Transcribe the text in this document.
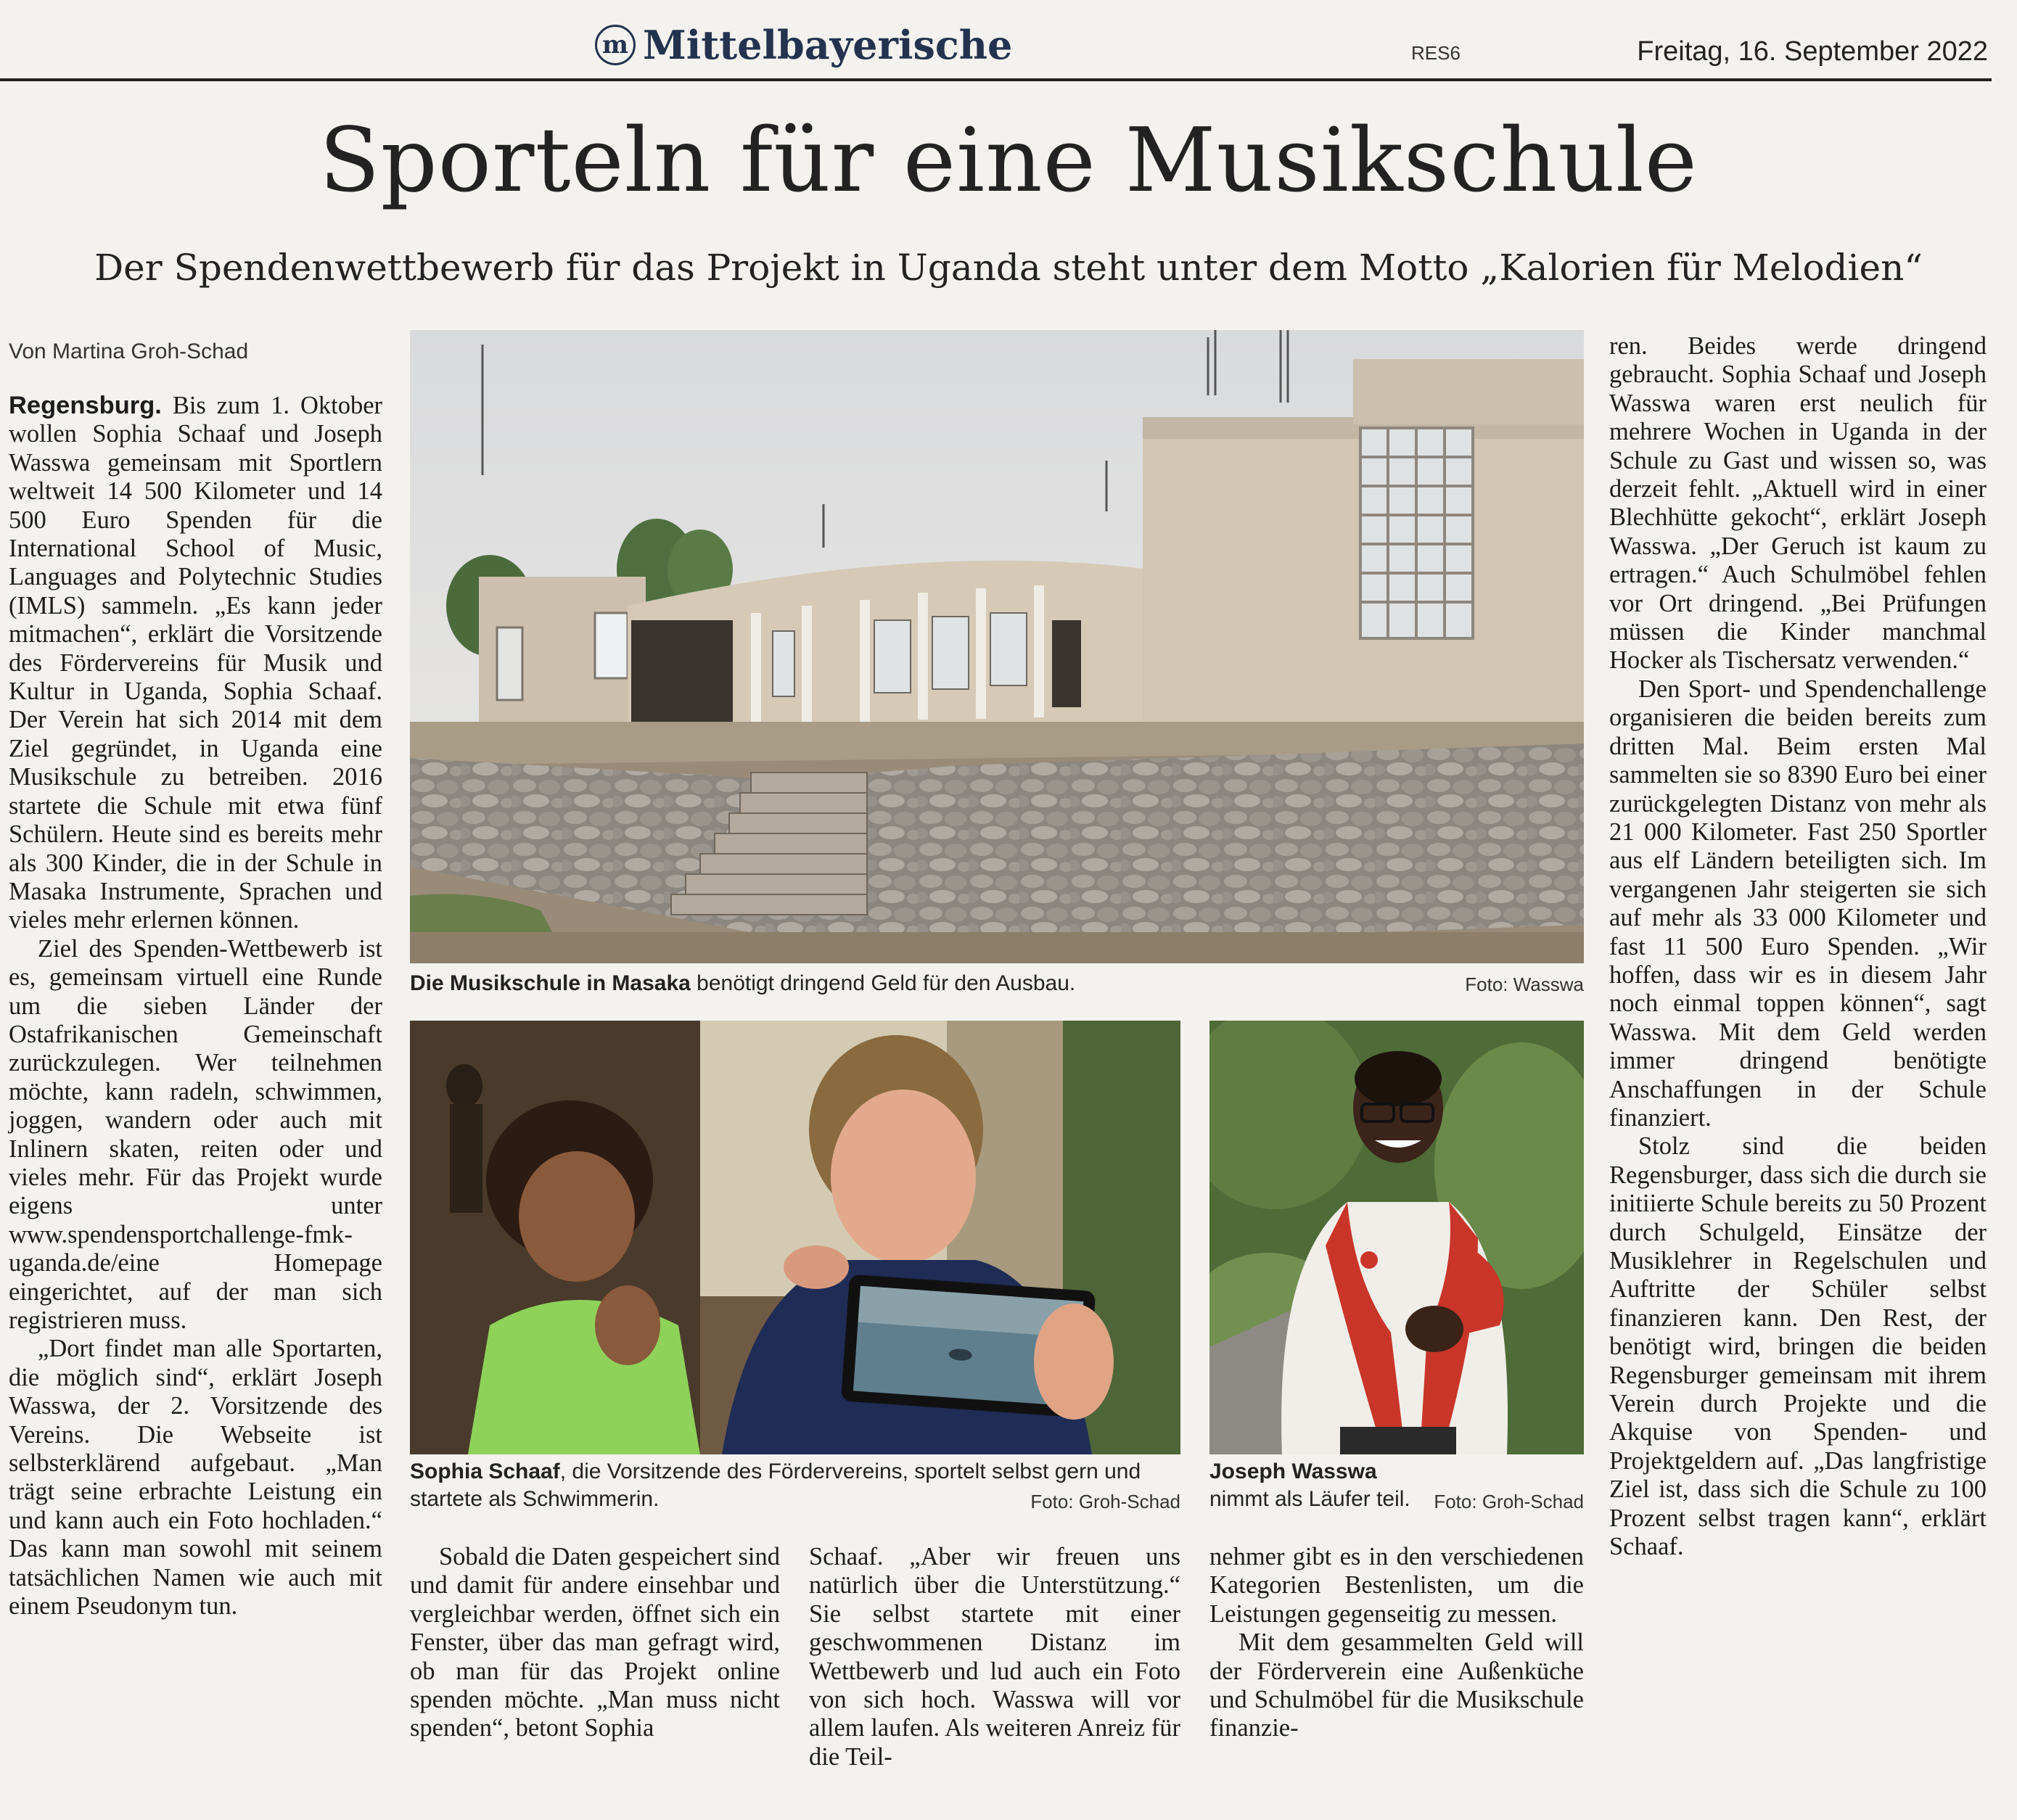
m Mittelbayerische	RES6	Freitag, 16. September 2022
Sporteln für eine Musikschule
Der Spendenwettbewerb für das Projekt in Uganda steht unter dem Motto „Kalorien für Melodien“
Von Martina Groh-Schad

Regensburg. Bis zum 1. Oktober wollen Sophia Schaaf und Joseph Wasswa gemeinsam mit Sportlern weltweit 14 500 Kilometer und 14 500 Euro Spenden für die International School of Music, Languages and Polytechnic Studies (IMLS) sammeln. „Es kann jeder mitmachen“, erklärt die Vorsitzende des Fördervereins für Musik und Kultur in Uganda, Sophia Schaaf. Der Verein hat sich 2014 mit dem Ziel gegründet, in Uganda eine Musikschule zu betreiben. 2016 startete die Schule mit etwa fünf Schülern. Heute sind es bereits mehr als 300 Kinder, die in der Schule in Masaka Instrumente, Sprachen und vieles mehr erlernen können.

Ziel des Spenden-Wettbewerb ist es, gemeinsam virtuell eine Runde um die sieben Länder der Ostafrikanischen Gemeinschaft zurückzulegen. Wer teilnehmen möchte, kann radeln, schwimmen, joggen, wandern oder auch mit Inlinern skaten, reiten oder und vieles mehr. Für das Projekt wurde eigens unter www.spendensportchallenge-fmk-uganda.de/eine Homepage eingerichtet, auf der man sich registrieren muss.

„Dort findet man alle Sportarten, die möglich sind“, erklärt Joseph Wasswa, der 2. Vorsitzende des Vereins. Die Webseite ist selbsterklärend aufgebaut. „Man trägt seine erbrachte Leistung ein und kann auch ein Foto hochladen.“ Das kann man sowohl mit seinem tatsächlichen Namen wie auch mit einem Pseudonym tun.

Die Musikschule in Masaka benötigt dringend Geld für den Ausbau.	Foto: Wasswa
Sophia Schaaf, die Vorsitzende des Fördervereins, sportelt selbst gern und startete als Schwimmerin.	Foto: Groh-Schad
Joseph Wasswa nimmt als Läufer teil.	Foto: Groh-Schad

Sobald die Daten gespeichert sind und damit für andere einsehbar und vergleichbar werden, öffnet sich ein Fenster, über das man gefragt wird, ob man für das Projekt online spenden möchte. „Man muss nicht spenden“, betont Sophia

Schaaf. „Aber wir freuen uns natürlich über die Unterstützung.“ Sie selbst startete mit einer geschwommenen Distanz im Wettbewerb und lud auch ein Foto von sich hoch. Wasswa will vor allem laufen. Als weiteren Anreiz für die Teil-

nehmer gibt es in den verschiedenen Kategorien Bestenlisten, um die Leistungen gegenseitig zu messen.

Mit dem gesammelten Geld will der Förderverein eine Außenküche und Schulmöbel für die Musikschule finanzie-

ren. Beides werde dringend gebraucht. Sophia Schaaf und Joseph Wasswa waren erst neulich für mehrere Wochen in Uganda in der Schule zu Gast und wissen so, was derzeit fehlt. „Aktuell wird in einer Blechhütte gekocht“, erklärt Joseph Wasswa. „Der Geruch ist kaum zu ertragen.“ Auch Schulmöbel fehlen vor Ort dringend. „Bei Prüfungen müssen die Kinder manchmal Hocker als Tischersatz verwenden.“

Den Sport- und Spendenchallenge organisieren die beiden bereits zum dritten Mal. Beim ersten Mal sammelten sie so 8390 Euro bei einer zurückgelegten Distanz von mehr als 21 000 Kilometer. Fast 250 Sportler aus elf Ländern beteiligten sich. Im vergangenen Jahr steigerten sie sich auf mehr als 33 000 Kilometer und fast 11 500 Euro Spenden. „Wir hoffen, dass wir es in diesem Jahr noch einmal toppen können“, sagt Wasswa. Mit dem Geld werden immer dringend benötigte Anschaffungen in der Schule finanziert.

Stolz sind die beiden Regensburger, dass sich die durch sie initiierte Schule bereits zu 50 Prozent durch Schulgeld, Einsätze der Musiklehrer in Regelschulen und Auftritte der Schüler selbst finanzieren kann. Den Rest, der benötigt wird, bringen die beiden Regensburger gemeinsam mit ihrem Verein durch Projekte und die Akquise von Spenden- und Projektgeldern auf. „Das langfristige Ziel ist, dass sich die Schule zu 100 Prozent selbst tragen kann“, erklärt Schaaf.
